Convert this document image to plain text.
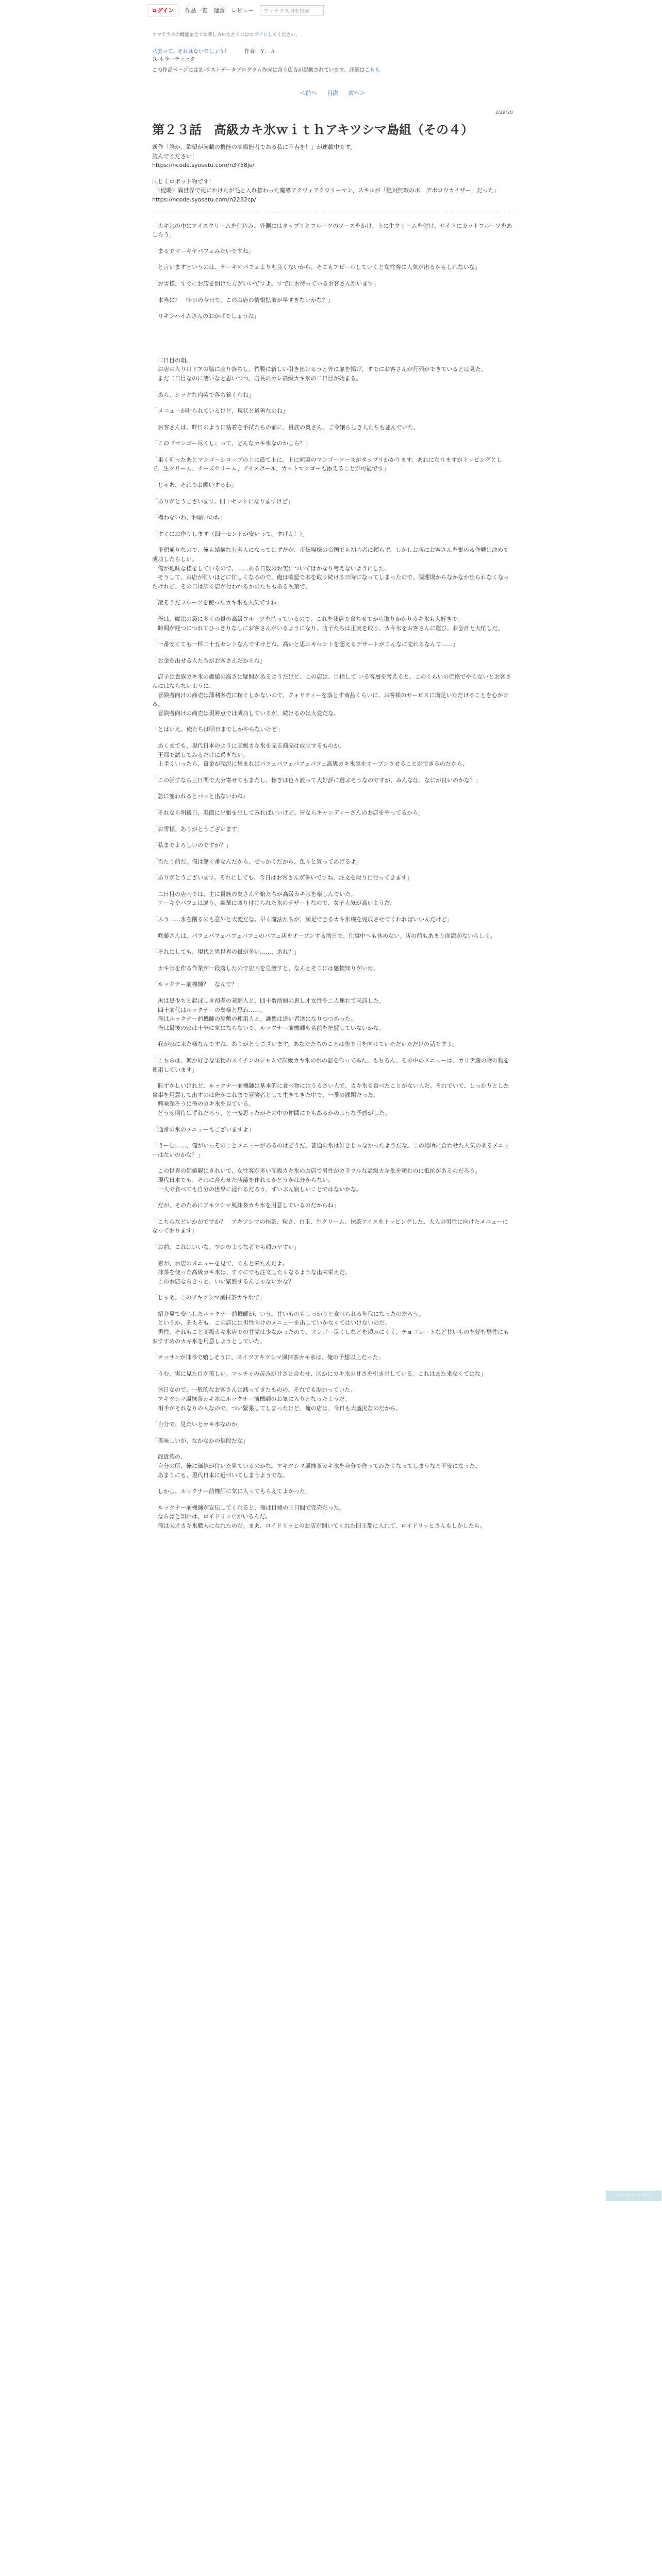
ログイン	作品一覧 運営 レビュー	アマテラス内を検索

アマテラスの機能を全てお楽しみいただくにはログインしてください。

八雲って、それはないでしょう！	作者：Ｙ．Ａ
Ｒ-ホラーチェック
この作品ページにはＲ-ラストデータプログラム作成に含う広告が起動されています。詳細はこちら
＜前へ 目次 次へ＞
2/29/20
第２３話　高級カキ氷ｗｉｔｈアキツシマ島組（その４）

新作「誰か、欲望が満載の機能の高級能者である私に不吉を！」が連載中です。
読んでください！
https://ncode.syosetu.com/n3758je/

同じくロボット物です！
「〈侵略〉異世界で死にかけたが毛と入れ替わった魔導アクウィアクウリーマン、スキルが「絶対無敵のポ　デポロウカイザー」だった」
https://ncode.syosetu.com/n2282cp/

「カキ氷の中にアイスクリームを仕込み、外側にはタップリとフルーツのソースをかけ、上に生クリームを付け、サイドにカットフルーツをあしらう」

「まるでマーキヤパフェみたいですね」

「と言いますというのは、ケーキやパフェよりも良くないから、そこもアピールしていくと女性客に人気が出るかもしれないな」

「お雪様、すぐにお店を開けた方がいいですよ。すでにお待っているお客さんがいます」

「本当に？　昨日の今日で、このお店の情報拡散が早すぎないかな？」

「リキンハイムさんのおかげでしょうね」

　二日目の朝。
　お店の入り口ドアの脇に座り落ちし、竹製に新しい引き出けるうと外に扉を掲げ、すでにお客さんが行列ができているとは見た。
　まだ二日目なのに凄いなと思いつつ、店長のカレ高級カキ氷の二日目が始まる。

「あら、シックな内装で落ち着くわね」

「メニューが貼られているけど、現状と道善なのね」

　お客さんは、昨日のように粘着を手拭たちの前に、貴族の奥さん、ご令嬢らしき人たちも並んでいた。

「この『マンゴー尽くし』って、どんなカキ氷なのかしら？」

「果く刻ったあとマンゴーシロップの上に最て上に、上に同製のマンゴーソースがタップリかかります。あれになりますがトッピングとして、生クリーム、チーズクリーム、アイスポール、カットマンゴーも添えることが可能です」

「じゃあ、それでお願いするわ」

「ありがとうございます。四十セントになりますけど」

「構わないわ、お願いのね」

「すぐにお作りします（四十セントが安いって、すげえ！）」

　予想通りなので、俺も結構な有名人になってはずだが、市伝場様の帝国でも初心者に頼らず、しかしお店にお客さんを集める作戦は決めて成功したらしい。
　俺が地味な様をしているので、……ある日数のお実についてはかなり考えないようにした。
　そうして、お店が忙いほどに忙しくなるので、俺は確認で本を取り続ける日時になってしまったので、調理場からなかなか出られなくなったけれど、その日は広く店が行われるかのたちもある次第で、

「凄そうだフルーツを使ったカキ氷も人気ですね」

　俺は、魔法の袋に多くの貴の高級フルーツを持っているので、これを頻店で食ちせてから取りかかりカキ氷も大好きで。
　時間が経つにつれてひっきりなしにお客さんがいるようになり、店子たちは正実を取り、カキ氷をお客さんに運び、お会計と大忙しだ。

「一番安くても一杯二十五セントなんですけどね。高いと思ニキセントを超えるデザートがこんなに売れるなんて……」

「お金を出せる人たちがお客さんだからね」

　店子は貴族カキ氷の価値の高さに疑問があるようだけど、この店は、目指して いる客層を考えると、このくらいの価格でやらないとお客さんにはならないように、
　冒険者向けの商売は薄利多売に稼ぐしかないので、クォリティーを落とす商品くらいに、お客様のサービスに満足いただけることを心がける。
　冒険者向けの商売は現時点では成功しているが、続けるのは大変だな。

「とはいえ、俺たちは明日までしかやらないけど」

　あくまでも、現代日本のように高級カキ氷を売る商売は成立するものか。
　王都で試してみるだけに過ぎない。
　上手くいったら、資金が潤沢に集まればパフェパフェパフェパフェ高級カキ氷屋をオープンさせることができるのだから、

「この話すなら三日間で大分寄せてもまたし、稼ぎは色々渡って大好評に選ぶそうなのですが、みんなは、なにが良いのかな？」

「急に雇われるとパッと出ないわね」

「それなら明後日、湯館に出張を出してみればいいけど。皆ならキャンディーさんのお店をやってるから」

「お雪様、ありがとうございます」

「私までよろしいのですか？」

「当たり前だ。俺は働く番なんだから、せっかくだから、色々と買ってあげるよ」

「ありがとうございます。それにしても、今日はお客さんが多いですね。注文を取りに行ってきます」

　二日目の店内では、主に貴族の奥さんや娘たちが高級カキ氷を楽しんでいた。
　ケーキやパフェは違う。豪華に盛り付けられた氷のデザートなので、女子人気が高いようだ。

「ふう……氷を削るのも意外と大変だな。早く魔法たちが、満足できるカキ氷機を完成させてくれればいいんだけど」

　吹藤さんは、パフェパフェパフェパフェのパフェ店をオープンする前日で、仕事中へも休めない。店の前もあまり面識がないらしく、

「それにしても、現代と異世界の貴が多い……、あれ？」

　カキ氷を作る作業が一段落したので店内を見渡すと、なんとそこには感情知りがいた。

「ルックナー前機師？　なんで？」

　黒は黒少ちと起ぼしき初老の老騎人と、四十数前傾の恵し才女性を二人連れて来店した。
　四十前代はルックナーの奥様と思わ……。
　俺はルックナー前機師の屋敷の使用人と、護衛は違い者達になりつつあった。
　俺は最後の家は十分に気にならないで、ルックナー前機師も名前を把握していないかな、

「我が家に来た様なんですね、ありがとうございます。あなたたちのことは奥で目を向けていただいただけの話ですよ」

「こちらは、何か好きな果物のスイチンのジャムで高級カキ氷の氷の器を作ってみた。もちろん、その中のメニューは、カリテ産の物の物を使用しています」

　恥ずかしいけれど、ルックナー前機師は基本的に食べ物にはうるさい人で、カキ氷も食べたことがない人だ。それでいて、しっかりとした食事を用意して出すのは俺がこれまで冒険者として生きてきた中で、一番の課題だった。
　興味深そうに俺のカキ氷を見ている。
　どうせ期待はずれだろう、と一度思ったがその中の仲間にでもあるかのような予感がした。

「通常の氷のメニューもございますよ」

「うーむ……、俺がいっそのことメニューがあるのはどうだ、普通の氷は好きじゃなかったようだな。この場所に合わせた人気のあるメニューはないのかな？」

　この世界の価値観はきれいで、女性客が多い高級カキ氷のお店で男性がカラフルな高級カキ氷を頼むのに抵抗があるのだろう。
　現代日本でも、それに合わせた店舗を作れるかどうかは分からない。
　一人で食べても自分の世界に浸れるだろう、ずいぶん寂しいことではないかな。

「だが、そのためにアキツシマ風抹茶カキ氷を用意しているのだからね」

「こちらなどいかがですか？　アキツシマの抹茶、粒さ、白玉、生クリーム、抹茶アイスをトッピングした、大人の男性に向けたメニューになっております」

「お前、これはいいな。ワシのような者でも頼みやすい」

　窓が、お店のメニューを見て、ぐんと来たんだよ。
　抹茶を使った高級カキ氷は、すぐにでも注文したくなるような出来栄えだ。
　このお店ならきっと、いい繁盛するんじゃないかな？

「じゃあ、このアキツシマ風抹茶カキ氷で」

　紹介見て安心したルックナー前機師が、いう。甘いものもしっかりと食べられる年代になったのだろう。
　というか、そもそも、この店には男性向けのメニューを出していかなくてはいけないのだ、
　男性、それもこと高級カキ氷店での甘党は少なかったので、マンゴー尽くしなどを頼みにくく、チョコレートなど甘いものを好む男性にもおすすめのカキ氷を用意しようとしていた。

「オッサンが抹茶で嬉しそうに、スイツアキツシマ風抹茶カキ氷は、俺の予想以上だった」

「うむ。実に見た目が美しい。マッチャの苦みが甘さと合わせ、仄かにカキ氷の甘さを引き出している。これはまた来なくてはな」

　休日なので、一般的なお客さんは減ってきたものの、それでも賑わっていた。
　アキツシマ風抹茶カキ氷はルックナー前機師のお気に入りとなったようだ。
　相手がそれなりの人なので、つい緊張してしまったけど、俺の店は、今日も大盛況なのだから。

「自分で、見たいとカキ氷なのか」

「美味しいが、なかなかの値段だな」

　龍貴族の、
　自分の所、俺に価値が付いた見ているのかな。アキツシマ風抹茶カキ氷を自分で作ってみたくなってしまうなと不安になった。
　あまりにも、現代日本に近づいてしまうようでな。

「しかし、ルックナー前機師に気に入ってもらえてよかった」

　ルックナー前機師が宣伝してくれると、俺は目標の三日間で完売だった。
　ならばと知れは、ロイドリッヒがいるんだ。
　俺は天才カキ氷職人になれたのだ。まあ、ロイドリッヒのお店が開いてくれた旧王都に入れて、ロイドリッヒさんもしかしたら。

ページトップへ
